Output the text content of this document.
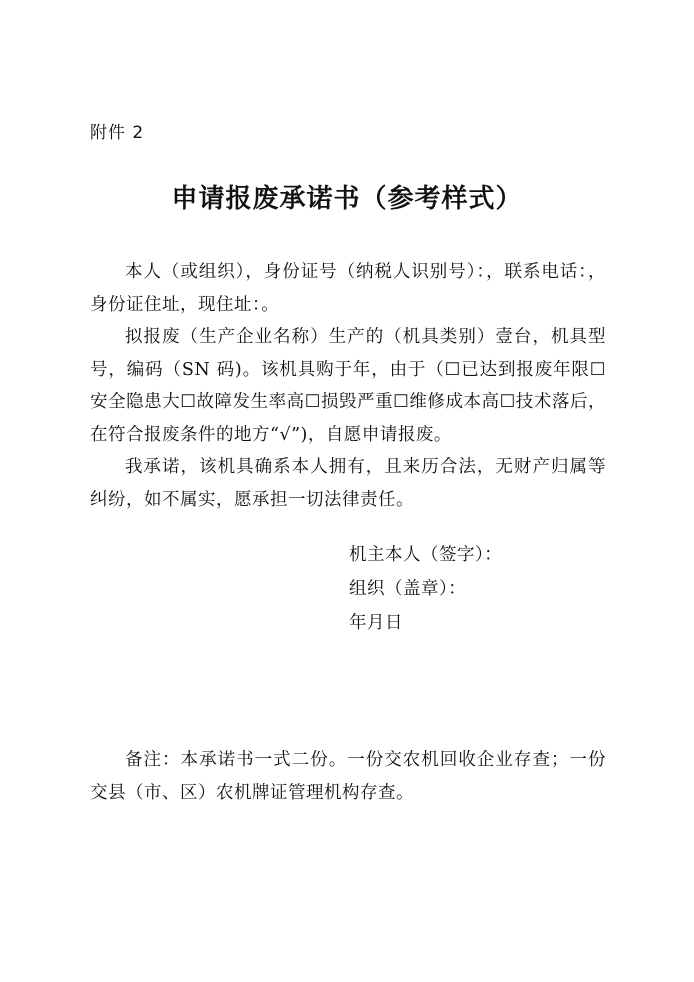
附件 2
申请报废承诺书（参考样式）

本人（或组织），身份证号（纳税人识别号）：，联系电话：，身份证住址，现住址：。

拟报废（生产企业名称）生产的（机具类别）壹台，机具型号，编码（SN 码)。该机具购于年，由于（☐已达到报废年限☐安全隐患大☐故障发生率高☐损毁严重☐维修成本高☐技术落后，在符合报废条件的地方“√”)，自愿申请报废。

我承诺，该机具确系本人拥有，且来历合法，无财产归属等纠纷，如不属实，愿承担一切法律责任。

机主本人（签字）：
组织（盖章）：
年月日

备注：本承诺书一式二份。一份交农机回收企业存查；一份交县（市、区）农机牌证管理机构存查。
